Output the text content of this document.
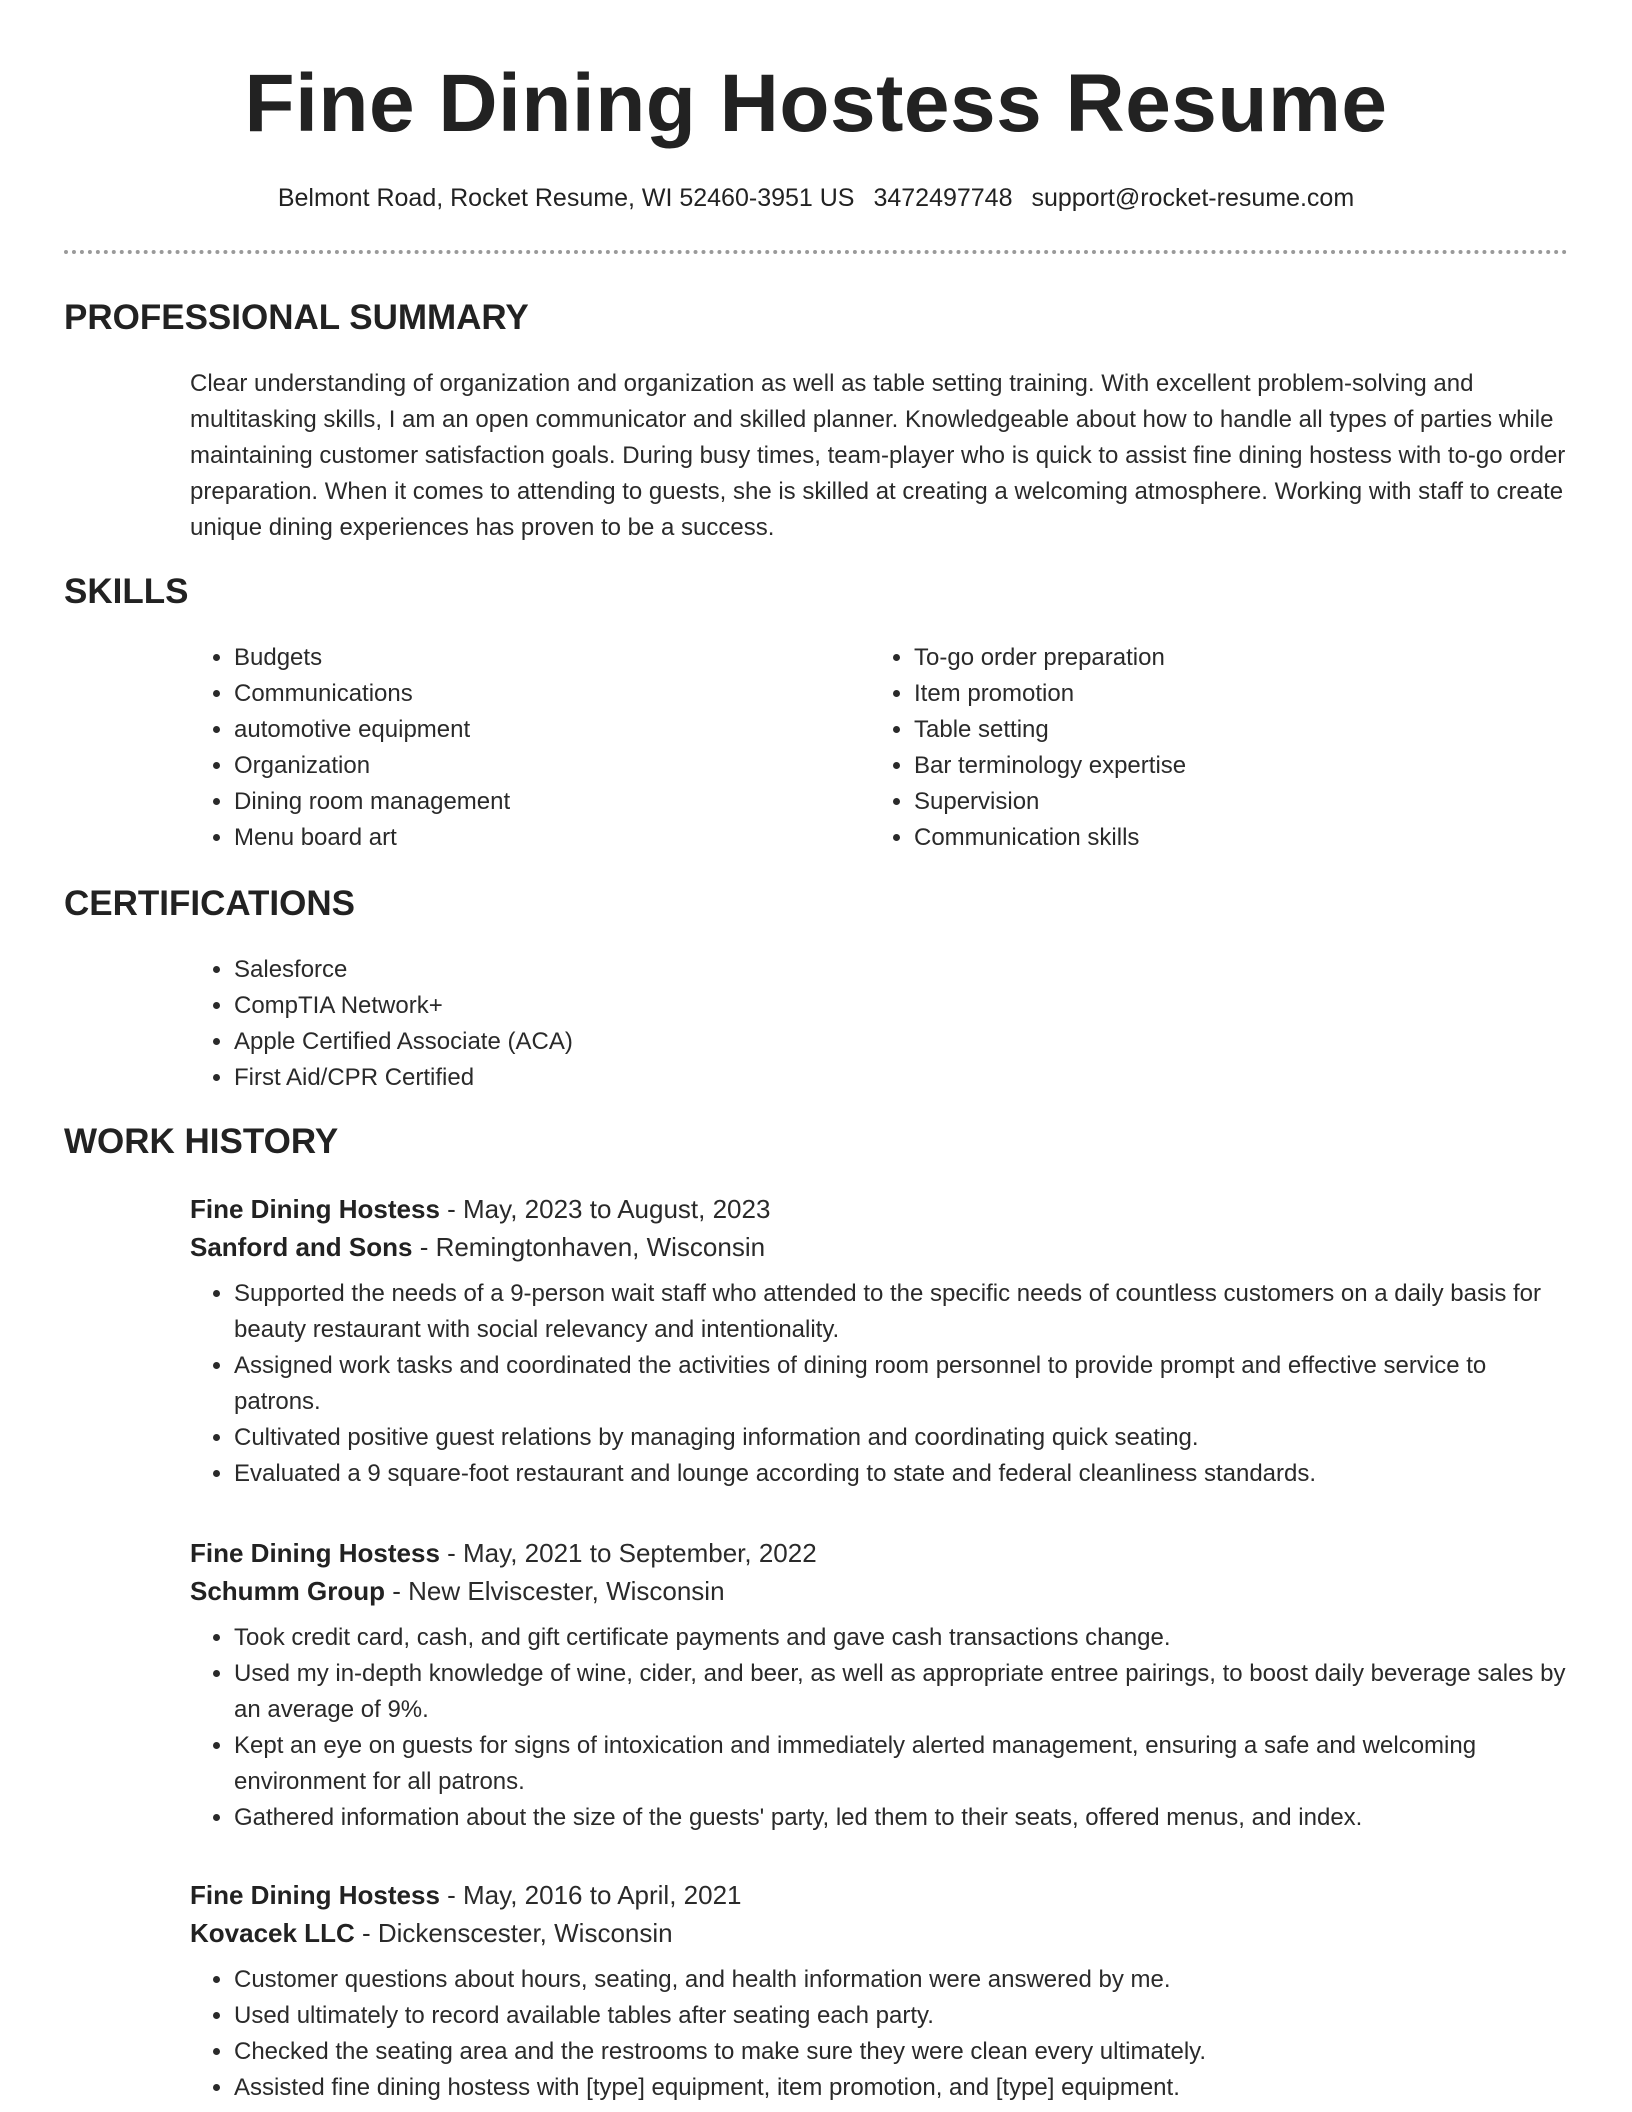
Fine Dining Hostess Resume
Belmont Road, Rocket Resume, WI 52460-3951 US 3472497748 support@rocket-resume.com
PROFESSIONAL SUMMARY

Clear understanding of organization and organization as well as table setting training. With excellent problem-solving and multitasking skills, I am an open communicator and skilled planner. Knowledgeable about how to handle all types of parties while maintaining customer satisfaction goals. During busy times, team-player who is quick to assist fine dining hostess with to-go order preparation. When it comes to attending to guests, she is skilled at creating a welcoming atmosphere. Working with staff to create unique dining experiences has proven to be a success.

SKILLS
• Budgets
• Communications
• automotive equipment
• Organization
• Dining room management
• Menu board art
• To-go order preparation
• Item promotion
• Table setting
• Bar terminology expertise
• Supervision
• Communication skills
CERTIFICATIONS
• Salesforce
• CompTIA Network+
• Apple Certified Associate (ACA)
• First Aid/CPR Certified
WORK HISTORY
Fine Dining Hostess - May, 2023 to August, 2023
Sanford and Sons - Remingtonhaven, Wisconsin
• Supported the needs of a 9-person wait staff who attended to the specific needs of countless customers on a daily basis for beauty restaurant with social relevancy and intentionality.
• Assigned work tasks and coordinated the activities of dining room personnel to provide prompt and effective service to patrons.
• Cultivated positive guest relations by managing information and coordinating quick seating.
• Evaluated a 9 square-foot restaurant and lounge according to state and federal cleanliness standards.
Fine Dining Hostess - May, 2021 to September, 2022
Schumm Group - New Elviscester, Wisconsin
• Took credit card, cash, and gift certificate payments and gave cash transactions change.
• Used my in-depth knowledge of wine, cider, and beer, as well as appropriate entree pairings, to boost daily beverage sales by an average of 9%.
• Kept an eye on guests for signs of intoxication and immediately alerted management, ensuring a safe and welcoming environment for all patrons.
• Gathered information about the size of the guests' party, led them to their seats, offered menus, and index.
Fine Dining Hostess - May, 2016 to April, 2021
Kovacek LLC - Dickenscester, Wisconsin
• Customer questions about hours, seating, and health information were answered by me.
• Used ultimately to record available tables after seating each party.
• Checked the seating area and the restrooms to make sure they were clean every ultimately.
• Assisted fine dining hostess with [type] equipment, item promotion, and [type] equipment.
